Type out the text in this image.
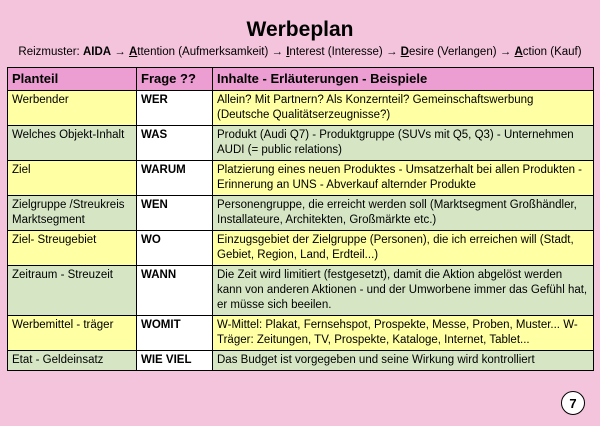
Werbeplan
Reizmuster: AIDA → Attention (Aufmerksamkeit) → Interest (Interesse) → Desire (Verlangen) → Action (Kauf)
Planteil	Frage ??	Inhalte - Erläuterungen - Beispiele
Werbender	WER	Allein? Mit Partnern? Als Konzernteil? Gemeinschaftswerbung (Deutsche Qualitätserzeugnisse?)
Welches Objekt-Inhalt	WAS	Produkt (Audi Q7) - Produktgruppe (SUVs mit Q5, Q3) - Unternehmen AUDI (= public relations)
Ziel	WARUM	Platzierung eines neuen Produktes - Umsatzerhalt bei allen Produkten - Erinnerung an UNS - Abverkauf alternder Produkte
Zielgruppe /Streukreis Marktsegment	WEN	Personengruppe, die erreicht werden soll (Marktsegment Großhändler, Installateure, Architekten, Großmärkte etc.)
Ziel- Streugebiet	WO	Einzugsgebiet der Zielgruppe (Personen), die ich erreichen will (Stadt, Gebiet, Region, Land, Erdteil...)
Zeitraum - Streuzeit	WANN	Die Zeit wird limitiert (festgesetzt), damit die Aktion abgelöst werden kann von anderen Aktionen - und der Umworbene immer das Gefühl hat, er müsse sich beeilen.
Werbemittel - träger	WOMIT	W-Mittel: Plakat, Fernsehspot, Prospekte, Messe, Proben, Muster... W-Träger: Zeitungen, TV, Prospekte, Kataloge, Internet, Tablet...
Etat - Geldeinsatz	WIE VIEL	Das Budget ist vorgegeben und seine Wirkung wird kontrolliert
7
